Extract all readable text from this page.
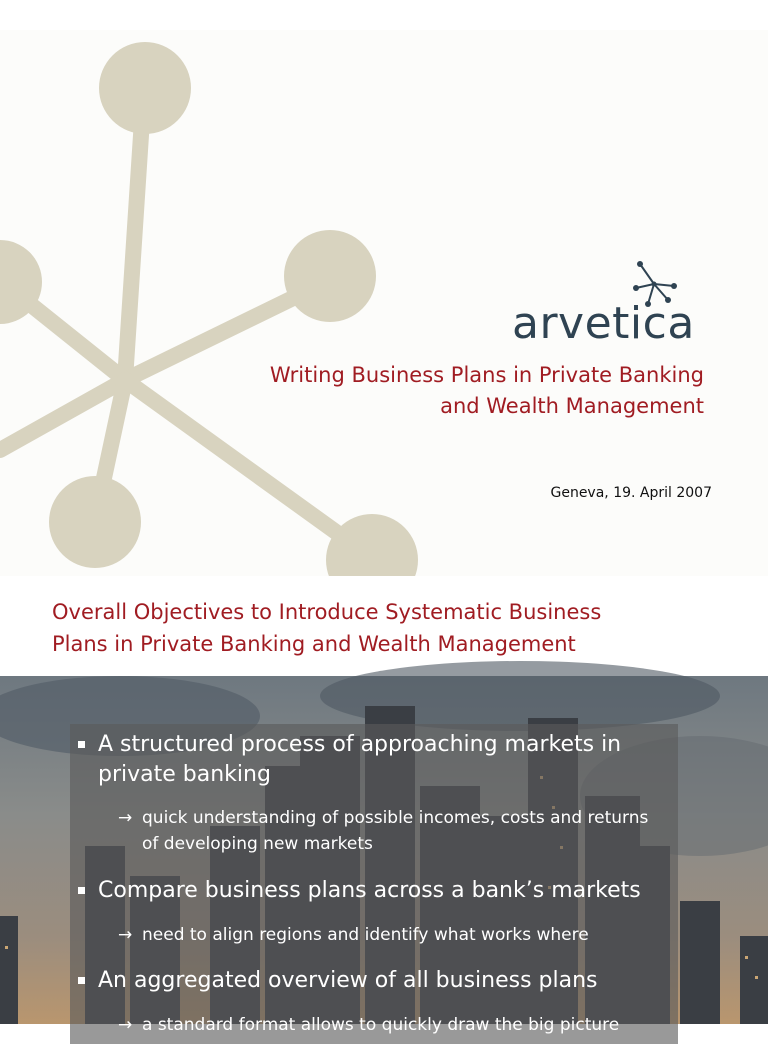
arvetica
Writing Business Plans in Private Banking
and Wealth Management
Geneva, 19. April 2007
Overall Objectives to Introduce Systematic Business
Plans in Private Banking and Wealth Management
A structured process of approaching markets in private banking
→ quick understanding of possible incomes, costs and returns of developing new markets
Compare business plans across a bank’s markets
→ need to align regions and identify what works where
An aggregated overview of all business plans
→ a standard format allows to quickly draw the big picture
